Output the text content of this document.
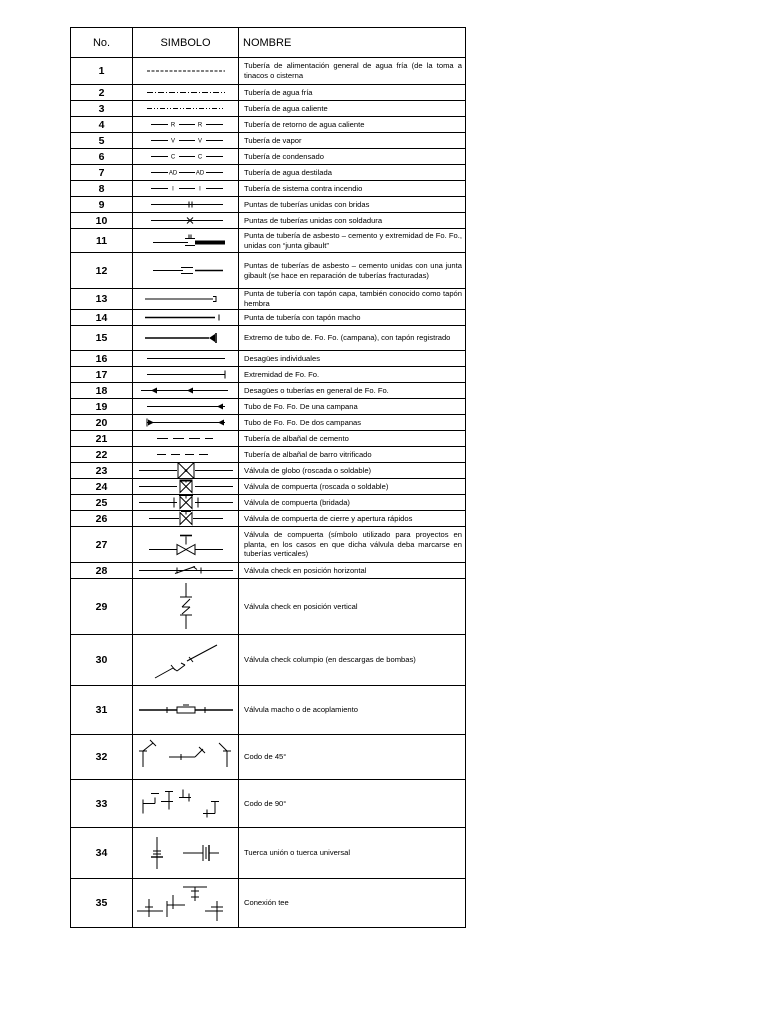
No.	SIMBOLO	NOMBRE
1		Tubería de alimentación general de agua fría (de la toma a tinacos o cisterna
2		Tubería de agua fría
3		Tubería de agua caliente
4	R R	Tubería de retorno de agua caliente
5	V V	Tubería de vapor
6	C C	Tubería de condensado
7	AD AD	Tubería de agua destilada
8	I I	Tubería de sistema contra incendio
9		Puntas de tuberías unidas con bridas
10		Puntas de tuberías unidas con soldadura
11		Punta de tubería de asbesto – cemento y extremidad de Fo. Fo., unidas con “junta gibault”
12		Puntas de tuberías de asbesto – cemento unidas con una junta gibault (se hace en reparación de tuberías fracturadas)
13		Punta de tubería con tapón capa, también conocido como tapón hembra
14		Punta de tubería con tapón macho
15		Extremo de tubo de. Fo. Fo. (campana), con tapón registrado
16		Desagües individuales
17		Extremidad de Fo. Fo.
18		Desagües o tuberías en general de Fo. Fo.
19		Tubo de Fo. Fo. De una campana
20		Tubo de Fo. Fo. De dos campanas
21		Tubería de albañal de cemento
22		Tubería de albañal de barro vitrificado
23		Válvula de globo (roscada o soldable)
24		Válvula de compuerta (roscada o soldable)
25		Válvula de compuerta (bridada)
26		Válvula de compuerta de cierre y apertura rápidos
27		Válvula de compuerta (símbolo utilizado para proyectos en planta, en los casos en que dicha válvula deba marcarse en tuberías verticales)
28		Válvula check en posición horizontal
29		Válvula check en posición vertical
30		Válvula check columpio (en descargas de bombas)
31		Válvula macho o de acoplamiento
32		Codo de 45°
33		Codo de 90°
34		Tuerca unión o tuerca universal
35		Conexión tee
